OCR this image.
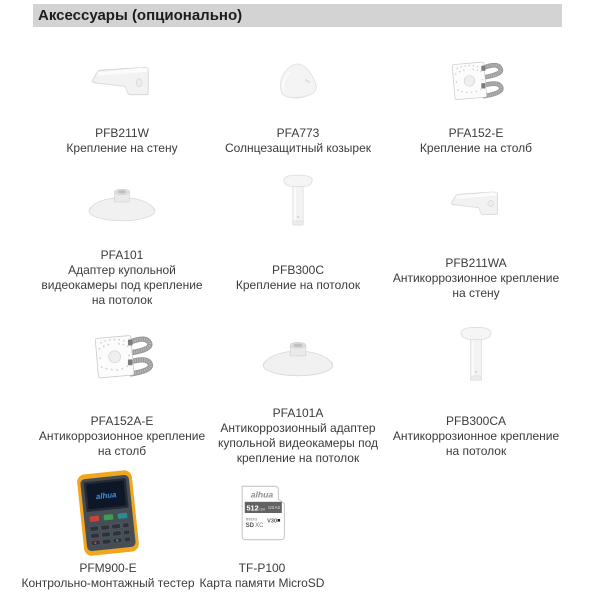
Аксессуары (опционально)
PFB211W
Крепление на стену
PFA773
Солнцезащитный козырек
PFA152-E
Крепление на столб
PFA101
Адаптер купольной
видеокамеры под крепление
на потолок
PFB300C
Крепление на потолок
PFB211WA
Антикоррозионное крепление
на стену
PFA152A-E
Антикоррозионное крепление
на столб
PFA101A
Антикоррозионный адаптер
купольной видеокамеры под
крепление на потолок
PFB300CA
Антикоррозионное крепление
на потолок
alhua
PFM900-E
Контрольно-монтажный тестер
alhua
512 GB U3 A2
micro
SD XC
V30
TF-P100
Карта памяти MicroSD
